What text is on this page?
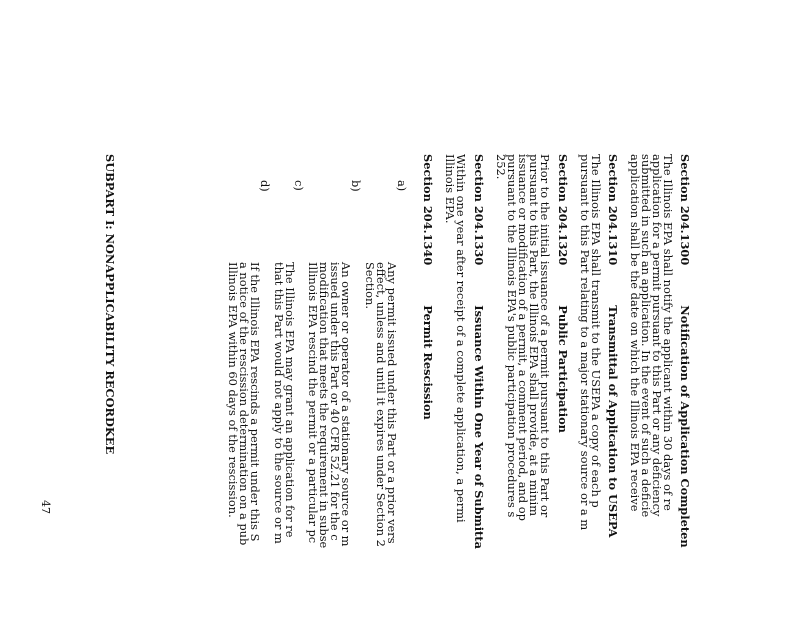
Section 204.1300Notification of Application Completen
The Illinois EPA shall notify the applicant within 30 days of re
application for a permit pursuant to this Part or any deficiency
submitted in such an application. In the event of such a deficie
application shall be the date on which the Illinois EPA receive
Section 204.1310Transmittal of Application to USEPA
The Illinois EPA shall transmit to the USEPA a copy of each p
pursuant to this Part relating to a major stationary source or a m
Section 204.1320Public Participation
Prior to the initial issuance of a permit pursuant to this Part or
pursuant to this Part, the Illinois EPA shall provide, at a minim
issuance or modification of a permit, a comment period, and op
pursuant to the Illinois EPA's public participation procedures s
252.
Section 204.1330Issuance Within One Year of Submitta
Within one year after receipt of a complete application, a permi
Illinois EPA.
Section 204.1340Permit Rescission
a)
Any permit issued under this Part or a prior vers
effect, unless and until it expires under Section 2
Section.
b)
An owner or operator of a stationary source or m
issued under this Part or 40 CFR 52.21 for the c
modification that meets the requirement in subse
Illinois EPA rescind the permit or a particular pc
c)
The Illinois EPA may grant an application for re
that this Part would not apply to the source or m
d)
If the Illinois EPA rescinds a permit under this S
a notice of the rescission determination on a pub
Illinois EPA within 60 days of the rescission.
SUBPART I: NONAPPLICABILITY RECORDKEE
47
